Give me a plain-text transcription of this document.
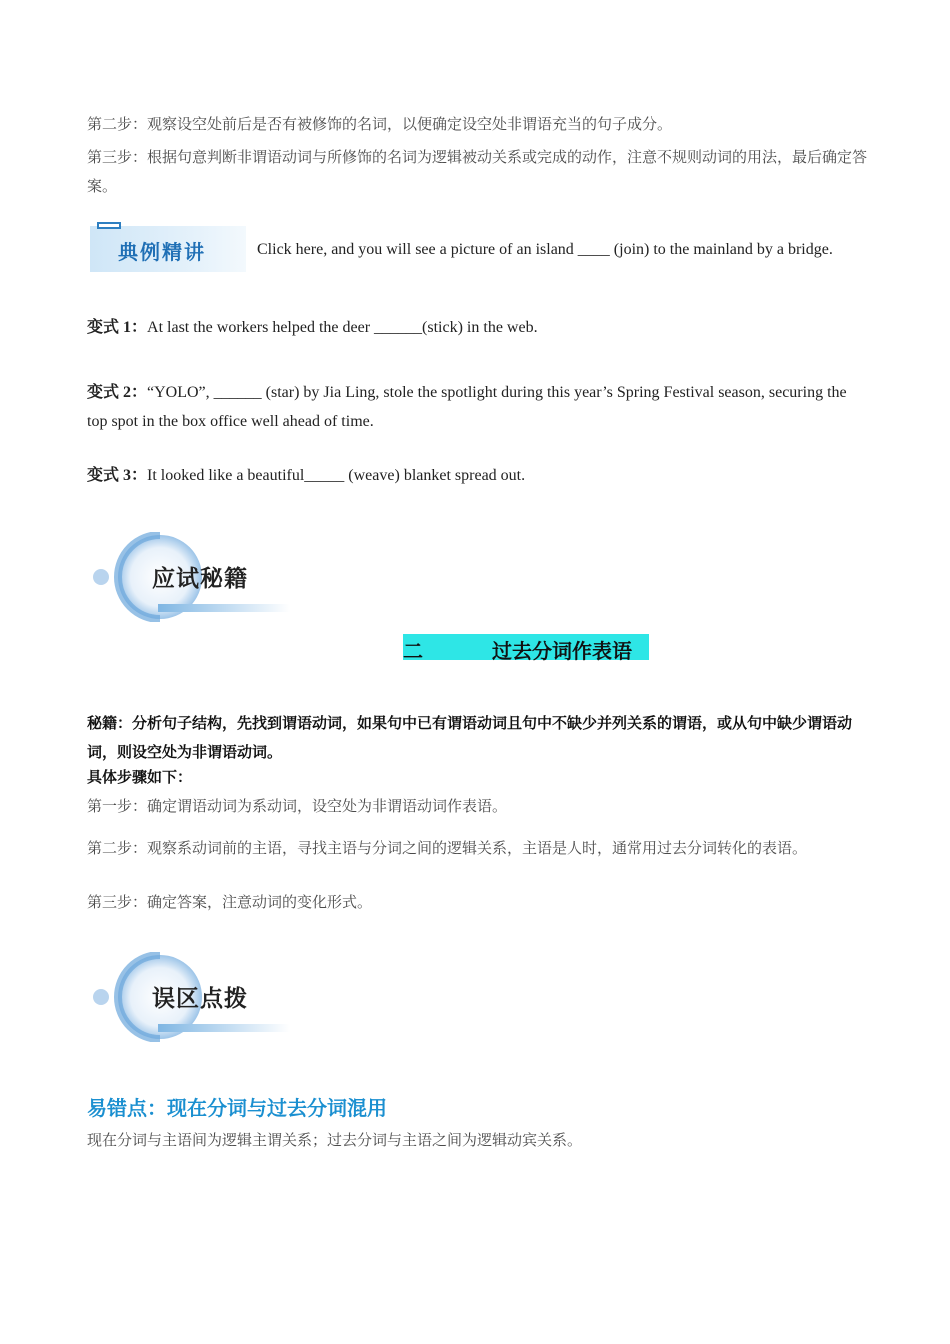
第二步：观察设空处前后是否有被修饰的名词，以便确定设空处非谓语充当的句子成分。
第三步：根据句意判断非谓语动词与所修饰的名词为逻辑被动关系或完成的动作，注意不规则动词的用法，最后确定答案。
典例精讲	Click here, and you will see a picture of an island ____ (join) to the mainland by a bridge.
变式 1：At last the workers helped the deer ______(stick) in the web.
变式 2：“YOLO”, ______ (star) by Jia Ling, stole the spotlight during this year’s Spring Festival season, securing the top spot in the box office well ahead of time.
变式 3：It looked like a beautiful_____ (weave) blanket spread out.
应试秘籍
二	过去分词作表语
秘籍：分析句子结构，先找到谓语动词，如果句中已有谓语动词且句中不缺少并列关系的谓语，或从句中缺少谓语动词，则设空处为非谓语动词。
具体步骤如下：
第一步：确定谓语动词为系动词，设空处为非谓语动词作表语。
第二步：观察系动词前的主语，寻找主语与分词之间的逻辑关系，主语是人时，通常用过去分词转化的表语。
第三步：确定答案，注意动词的变化形式。
误区点拨
易错点：现在分词与过去分词混用
现在分词与主语间为逻辑主谓关系；过去分词与主语之间为逻辑动宾关系。
